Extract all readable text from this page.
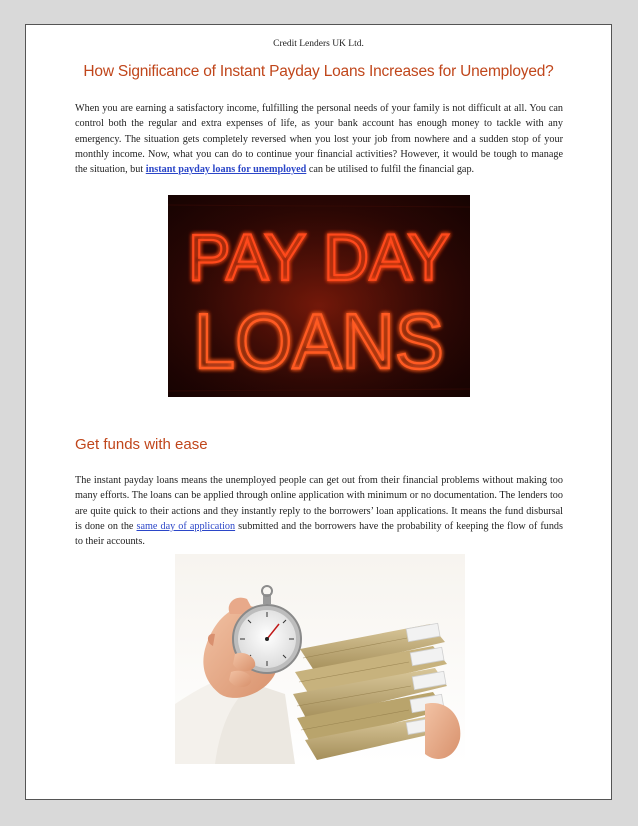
Credit Lenders UK Ltd.
How Significance of Instant Payday Loans Increases for Unemployed?

When you are earning a satisfactory income, fulfilling the personal needs of your family is not difficult at all. You can control both the regular and extra expenses of life, as your bank account has enough money to tackle with any emergency. The situation gets completely reversed when you lost your job from nowhere and a sudden stop of your monthly income. Now, what you can do to continue your financial activities? However, it would be tough to manage the situation, but instant payday loans for unemployed can be utilised to fulfil the financial gap.

PAY DAY
LOANS
Get funds with ease

The instant payday loans means the unemployed people can get out from their financial problems without making too many efforts. The loans can be applied through online application with minimum or no documentation. The lenders too are quite quick to their actions and they instantly reply to the borrowers’ loan applications. It means the fund disbursal is done on the same day of application submitted and the borrowers have the probability of keeping the flow of funds to their accounts.
